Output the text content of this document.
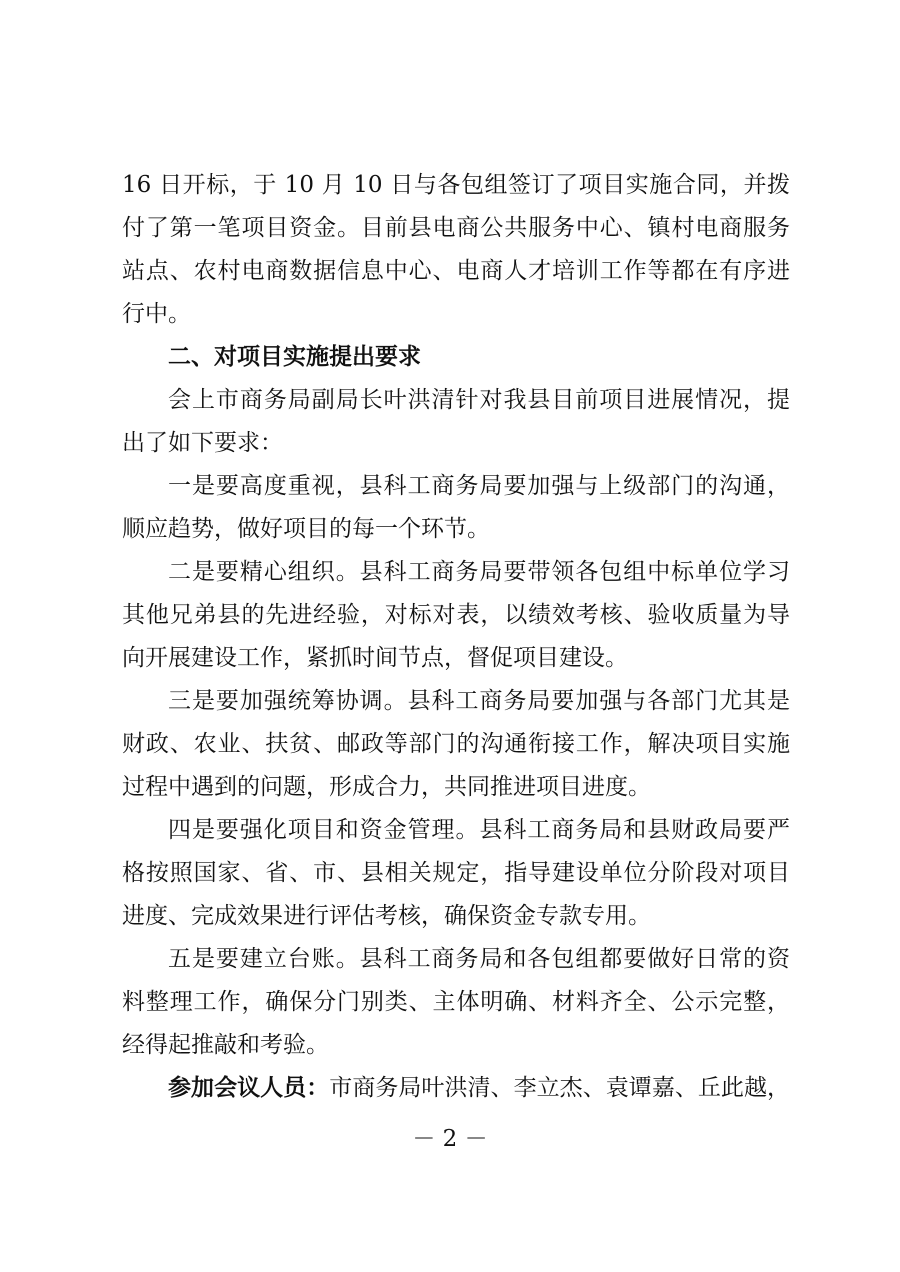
16 日开标，于 10 月 10 日与各包组签订了项目实施合同，并拨
付了第一笔项目资金。目前县电商公共服务中心、镇村电商服务
站点、农村电商数据信息中心、电商人才培训工作等都在有序进
行中。
二、对项目实施提出要求
会上市商务局副局长叶洪清针对我县目前项目进展情况，提
出了如下要求：
一是要高度重视，县科工商务局要加强与上级部门的沟通，
顺应趋势，做好项目的每一个环节。
二是要精心组织。县科工商务局要带领各包组中标单位学习
其他兄弟县的先进经验，对标对表，以绩效考核、验收质量为导
向开展建设工作，紧抓时间节点，督促项目建设。
三是要加强统筹协调。县科工商务局要加强与各部门尤其是
财政、农业、扶贫、邮政等部门的沟通衔接工作，解决项目实施
过程中遇到的问题，形成合力，共同推进项目进度。
四是要强化项目和资金管理。县科工商务局和县财政局要严
格按照国家、省、市、县相关规定，指导建设单位分阶段对项目
进度、完成效果进行评估考核，确保资金专款专用。
五是要建立台账。县科工商务局和各包组都要做好日常的资
料整理工作，确保分门别类、主体明确、材料齐全、公示完整，
经得起推敲和考验。
参加会议人员：市商务局叶洪清、李立杰、袁谭嘉、丘此越，
－ 2 －
